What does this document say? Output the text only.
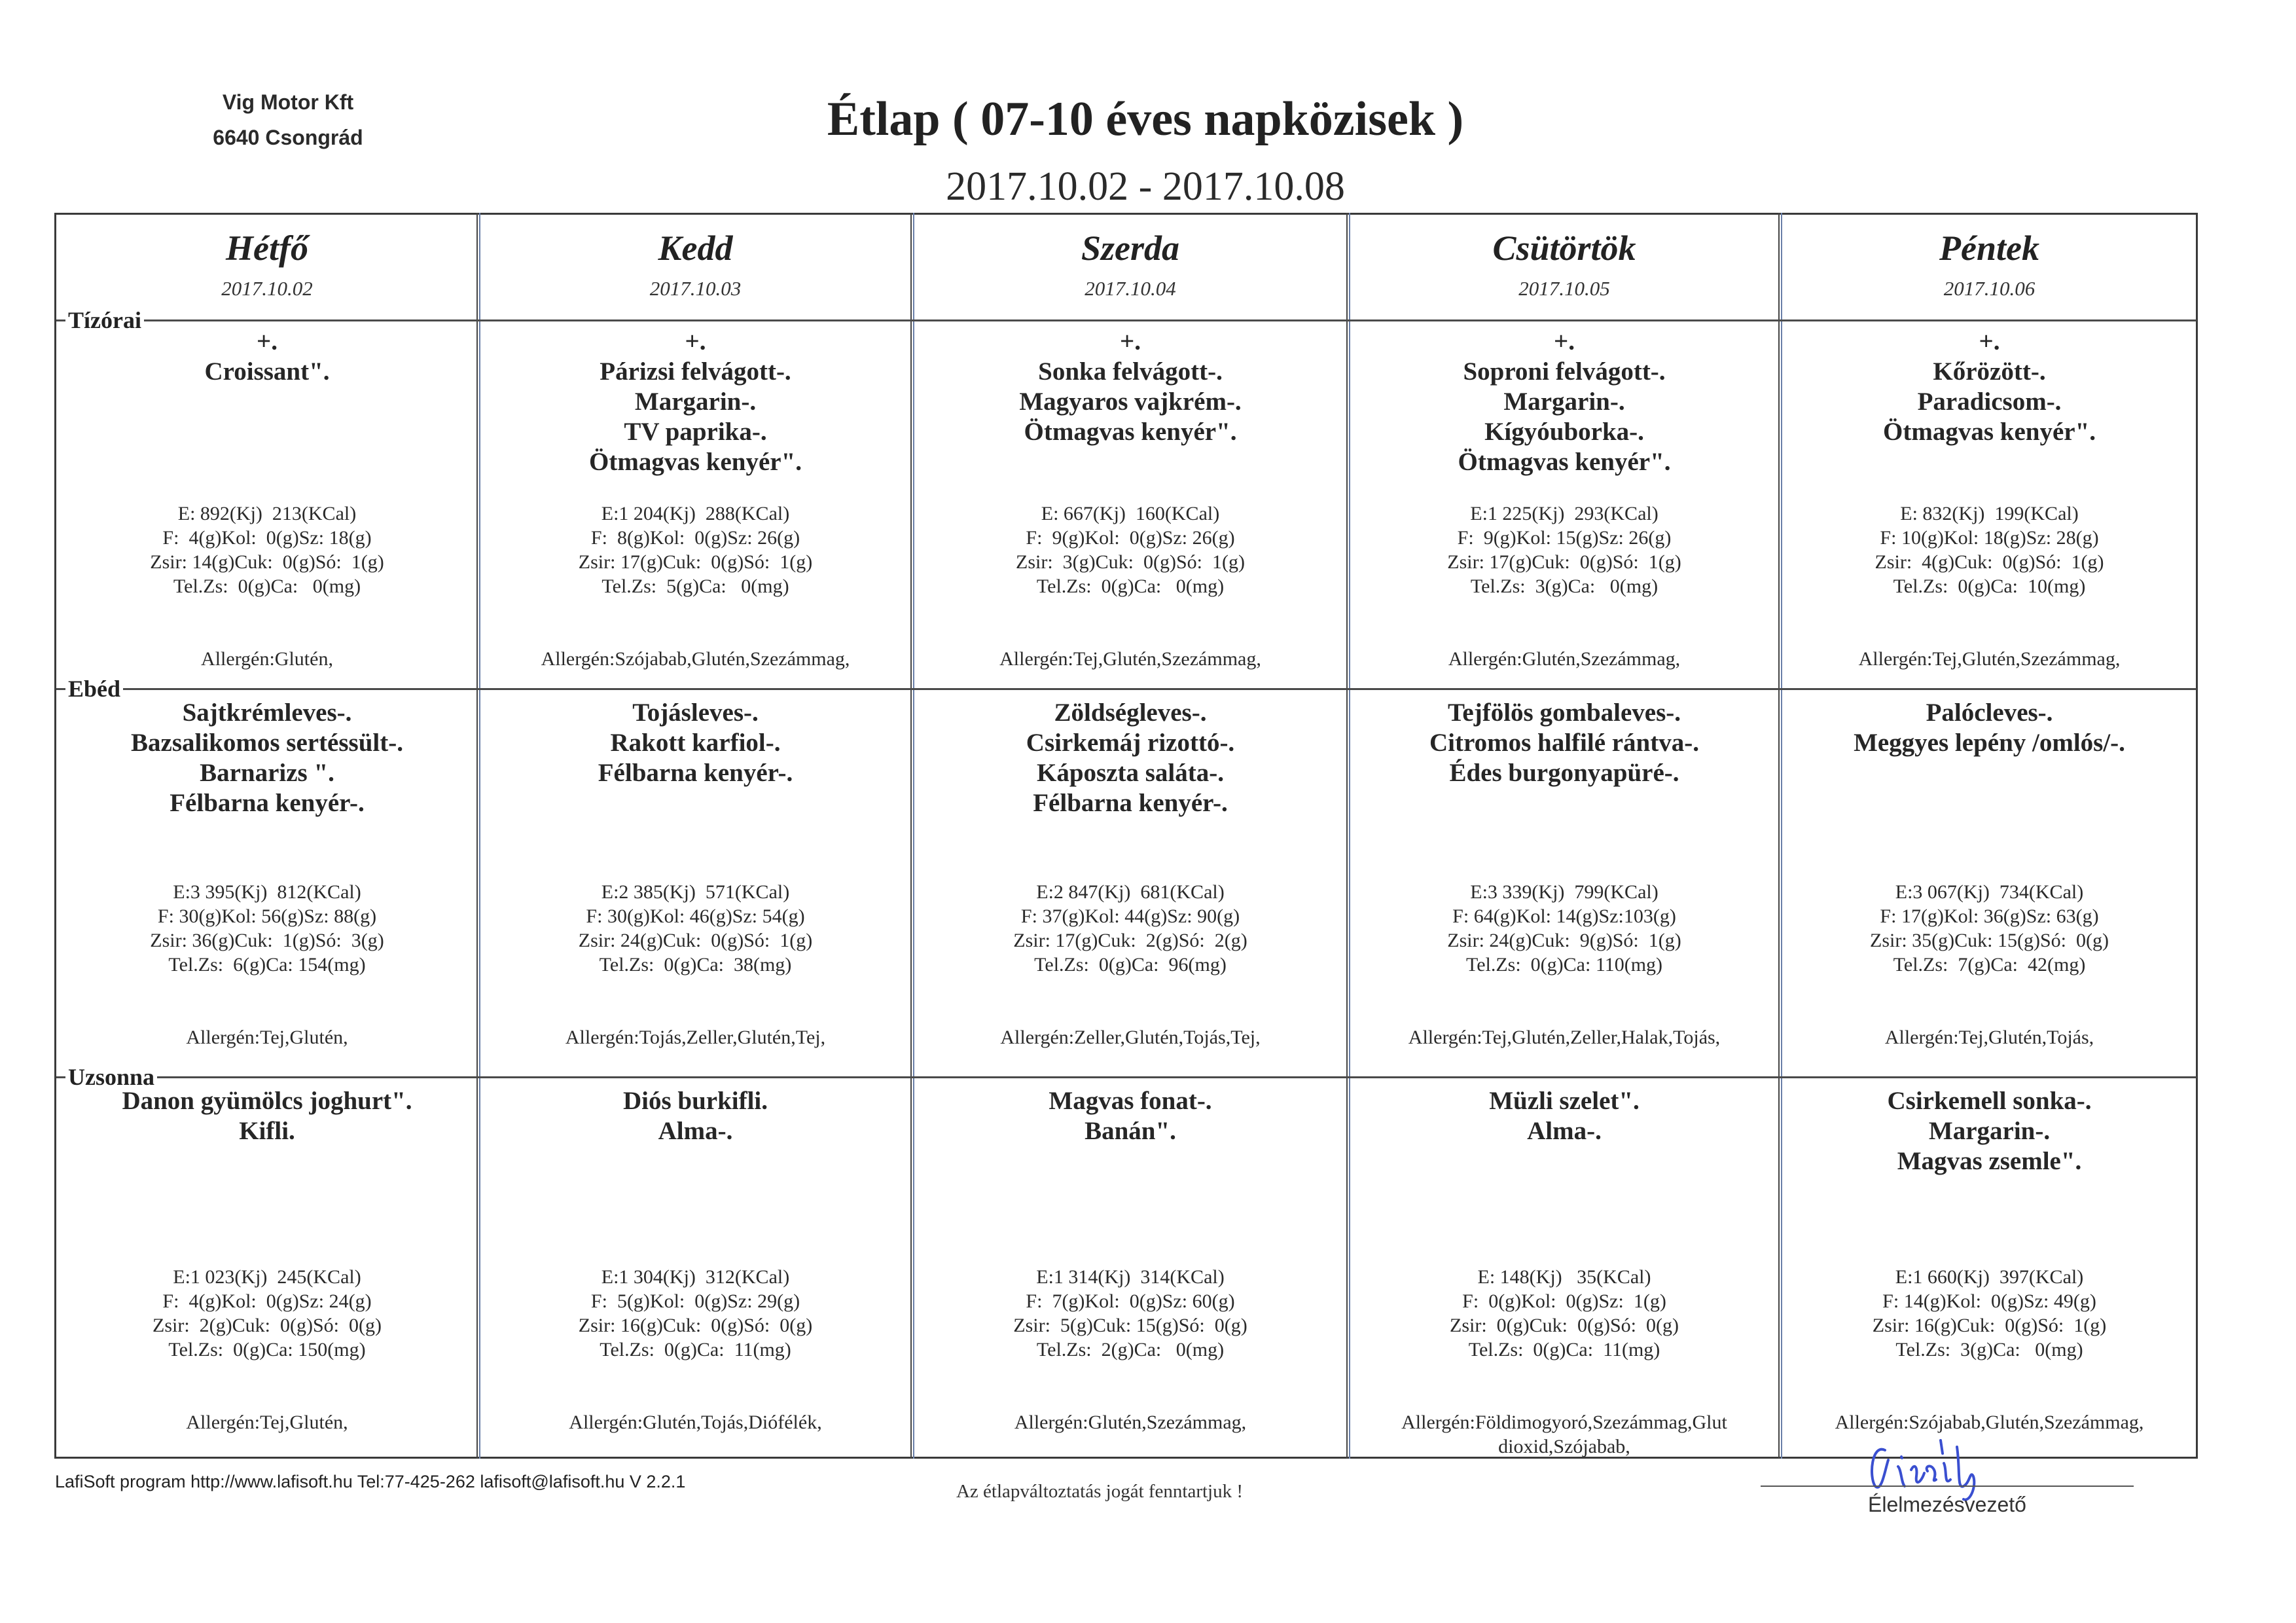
Vig Motor Kft
6640 Csongrád	Étlap ( 07-10 éves napközisek )
2017.10.02 - 2017.10.08
Tízórai
Ebéd
Uzsonna
Hétfő
2017.10.02
+.
Croissant".
E: 892(Kj)  213(KCal)
F:  4(g)Kol:  0(g)Sz: 18(g)
Zsir: 14(g)Cuk:  0(g)Só:  1(g)
Tel.Zs:  0(g)Ca:   0(mg)

Allergén:Glutén,

Sajtkrémleves-.
Bazsalikomos sertéssült-.
Barnarizs ".
Félbarna kenyér-.
E:3 395(Kj)  812(KCal)
F: 30(g)Kol: 56(g)Sz: 88(g)
Zsir: 36(g)Cuk:  1(g)Só:  3(g)
Tel.Zs:  6(g)Ca: 154(mg)

Allergén:Tej,Glutén,

Danon gyümölcs joghurt".
Kifli.
E:1 023(Kj)  245(KCal)
F:  4(g)Kol:  0(g)Sz: 24(g)
Zsir:  2(g)Cuk:  0(g)Só:  0(g)
Tel.Zs:  0(g)Ca: 150(mg)

Allergén:Tej,Glutén,

Kedd
2017.10.03
+.
Párizsi felvágott-.
Margarin-.
TV paprika-.
Ötmagvas kenyér".
E:1 204(Kj)  288(KCal)
F:  8(g)Kol:  0(g)Sz: 26(g)
Zsir: 17(g)Cuk:  0(g)Só:  1(g)
Tel.Zs:  5(g)Ca:   0(mg)

Allergén:Szójabab,Glutén,Szezámmag,

Tojásleves-.
Rakott karfiol-.
Félbarna kenyér-.
E:2 385(Kj)  571(KCal)
F: 30(g)Kol: 46(g)Sz: 54(g)
Zsir: 24(g)Cuk:  0(g)Só:  1(g)
Tel.Zs:  0(g)Ca:  38(mg)

Allergén:Tojás,Zeller,Glutén,Tej,

Diós burkifli.
Alma-.
E:1 304(Kj)  312(KCal)
F:  5(g)Kol:  0(g)Sz: 29(g)
Zsir: 16(g)Cuk:  0(g)Só:  0(g)
Tel.Zs:  0(g)Ca:  11(mg)

Allergén:Glutén,Tojás,Diófélék,

Szerda
2017.10.04
+.
Sonka felvágott-.
Magyaros vajkrém-.
Ötmagvas kenyér".
E: 667(Kj)  160(KCal)
F:  9(g)Kol:  0(g)Sz: 26(g)
Zsir:  3(g)Cuk:  0(g)Só:  1(g)
Tel.Zs:  0(g)Ca:   0(mg)

Allergén:Tej,Glutén,Szezámmag,

Zöldségleves-.
Csirkemáj rizottó-.
Káposzta saláta-.
Félbarna kenyér-.
E:2 847(Kj)  681(KCal)
F: 37(g)Kol: 44(g)Sz: 90(g)
Zsir: 17(g)Cuk:  2(g)Só:  2(g)
Tel.Zs:  0(g)Ca:  96(mg)

Allergén:Zeller,Glutén,Tojás,Tej,

Magvas fonat-.
Banán".
E:1 314(Kj)  314(KCal)
F:  7(g)Kol:  0(g)Sz: 60(g)
Zsir:  5(g)Cuk: 15(g)Só:  0(g)
Tel.Zs:  2(g)Ca:   0(mg)

Allergén:Glutén,Szezámmag,

Csütörtök
2017.10.05
+.
Soproni felvágott-.
Margarin-.
Kígyóuborka-.
Ötmagvas kenyér".
E:1 225(Kj)  293(KCal)
F:  9(g)Kol: 15(g)Sz: 26(g)
Zsir: 17(g)Cuk:  0(g)Só:  1(g)
Tel.Zs:  3(g)Ca:   0(mg)

Allergén:Glutén,Szezámmag,

Tejfölös gombaleves-.
Citromos halfilé rántva-.
Édes burgonyapüré-.
E:3 339(Kj)  799(KCal)
F: 64(g)Kol: 14(g)Sz:103(g)
Zsir: 24(g)Cuk:  9(g)Só:  1(g)
Tel.Zs:  0(g)Ca: 110(mg)

Allergén:Tej,Glutén,Zeller,Halak,Tojás,

Müzli szelet".
Alma-.
E: 148(Kj)   35(KCal)
F:  0(g)Kol:  0(g)Sz:  1(g)
Zsir:  0(g)Cuk:  0(g)Só:  0(g)
Tel.Zs:  0(g)Ca:  11(mg)

Allergén:Földimogyoró,Szezámmag,Glut dioxid,Szójabab,

Péntek
2017.10.06
+.
Kőrözött-.
Paradicsom-.
Ötmagvas kenyér".
E: 832(Kj)  199(KCal)
F: 10(g)Kol: 18(g)Sz: 28(g)
Zsir:  4(g)Cuk:  0(g)Só:  1(g)
Tel.Zs:  0(g)Ca:  10(mg)

Allergén:Tej,Glutén,Szezámmag,

Palócleves-.
Meggyes lepény /omlós/-.
E:3 067(Kj)  734(KCal)
F: 17(g)Kol: 36(g)Sz: 63(g)
Zsir: 35(g)Cuk: 15(g)Só:  0(g)
Tel.Zs:  7(g)Ca:  42(mg)

Allergén:Tej,Glutén,Tojás,

Csirkemell sonka-.
Margarin-.
Magvas zsemle".
E:1 660(Kj)  397(KCal)
F: 14(g)Kol:  0(g)Sz: 49(g)
Zsir: 16(g)Cuk:  0(g)Só:  1(g)
Tel.Zs:  3(g)Ca:   0(mg)

Allergén:Szójabab,Glutén,Szezámmag,

LafiSoft program http://www.lafisoft.hu Tel:77-425-262 lafisoft@lafisoft.hu V 2.2.1	Az étlapváltoztatás jogát fenntartjuk !
Élelmezésvezető
